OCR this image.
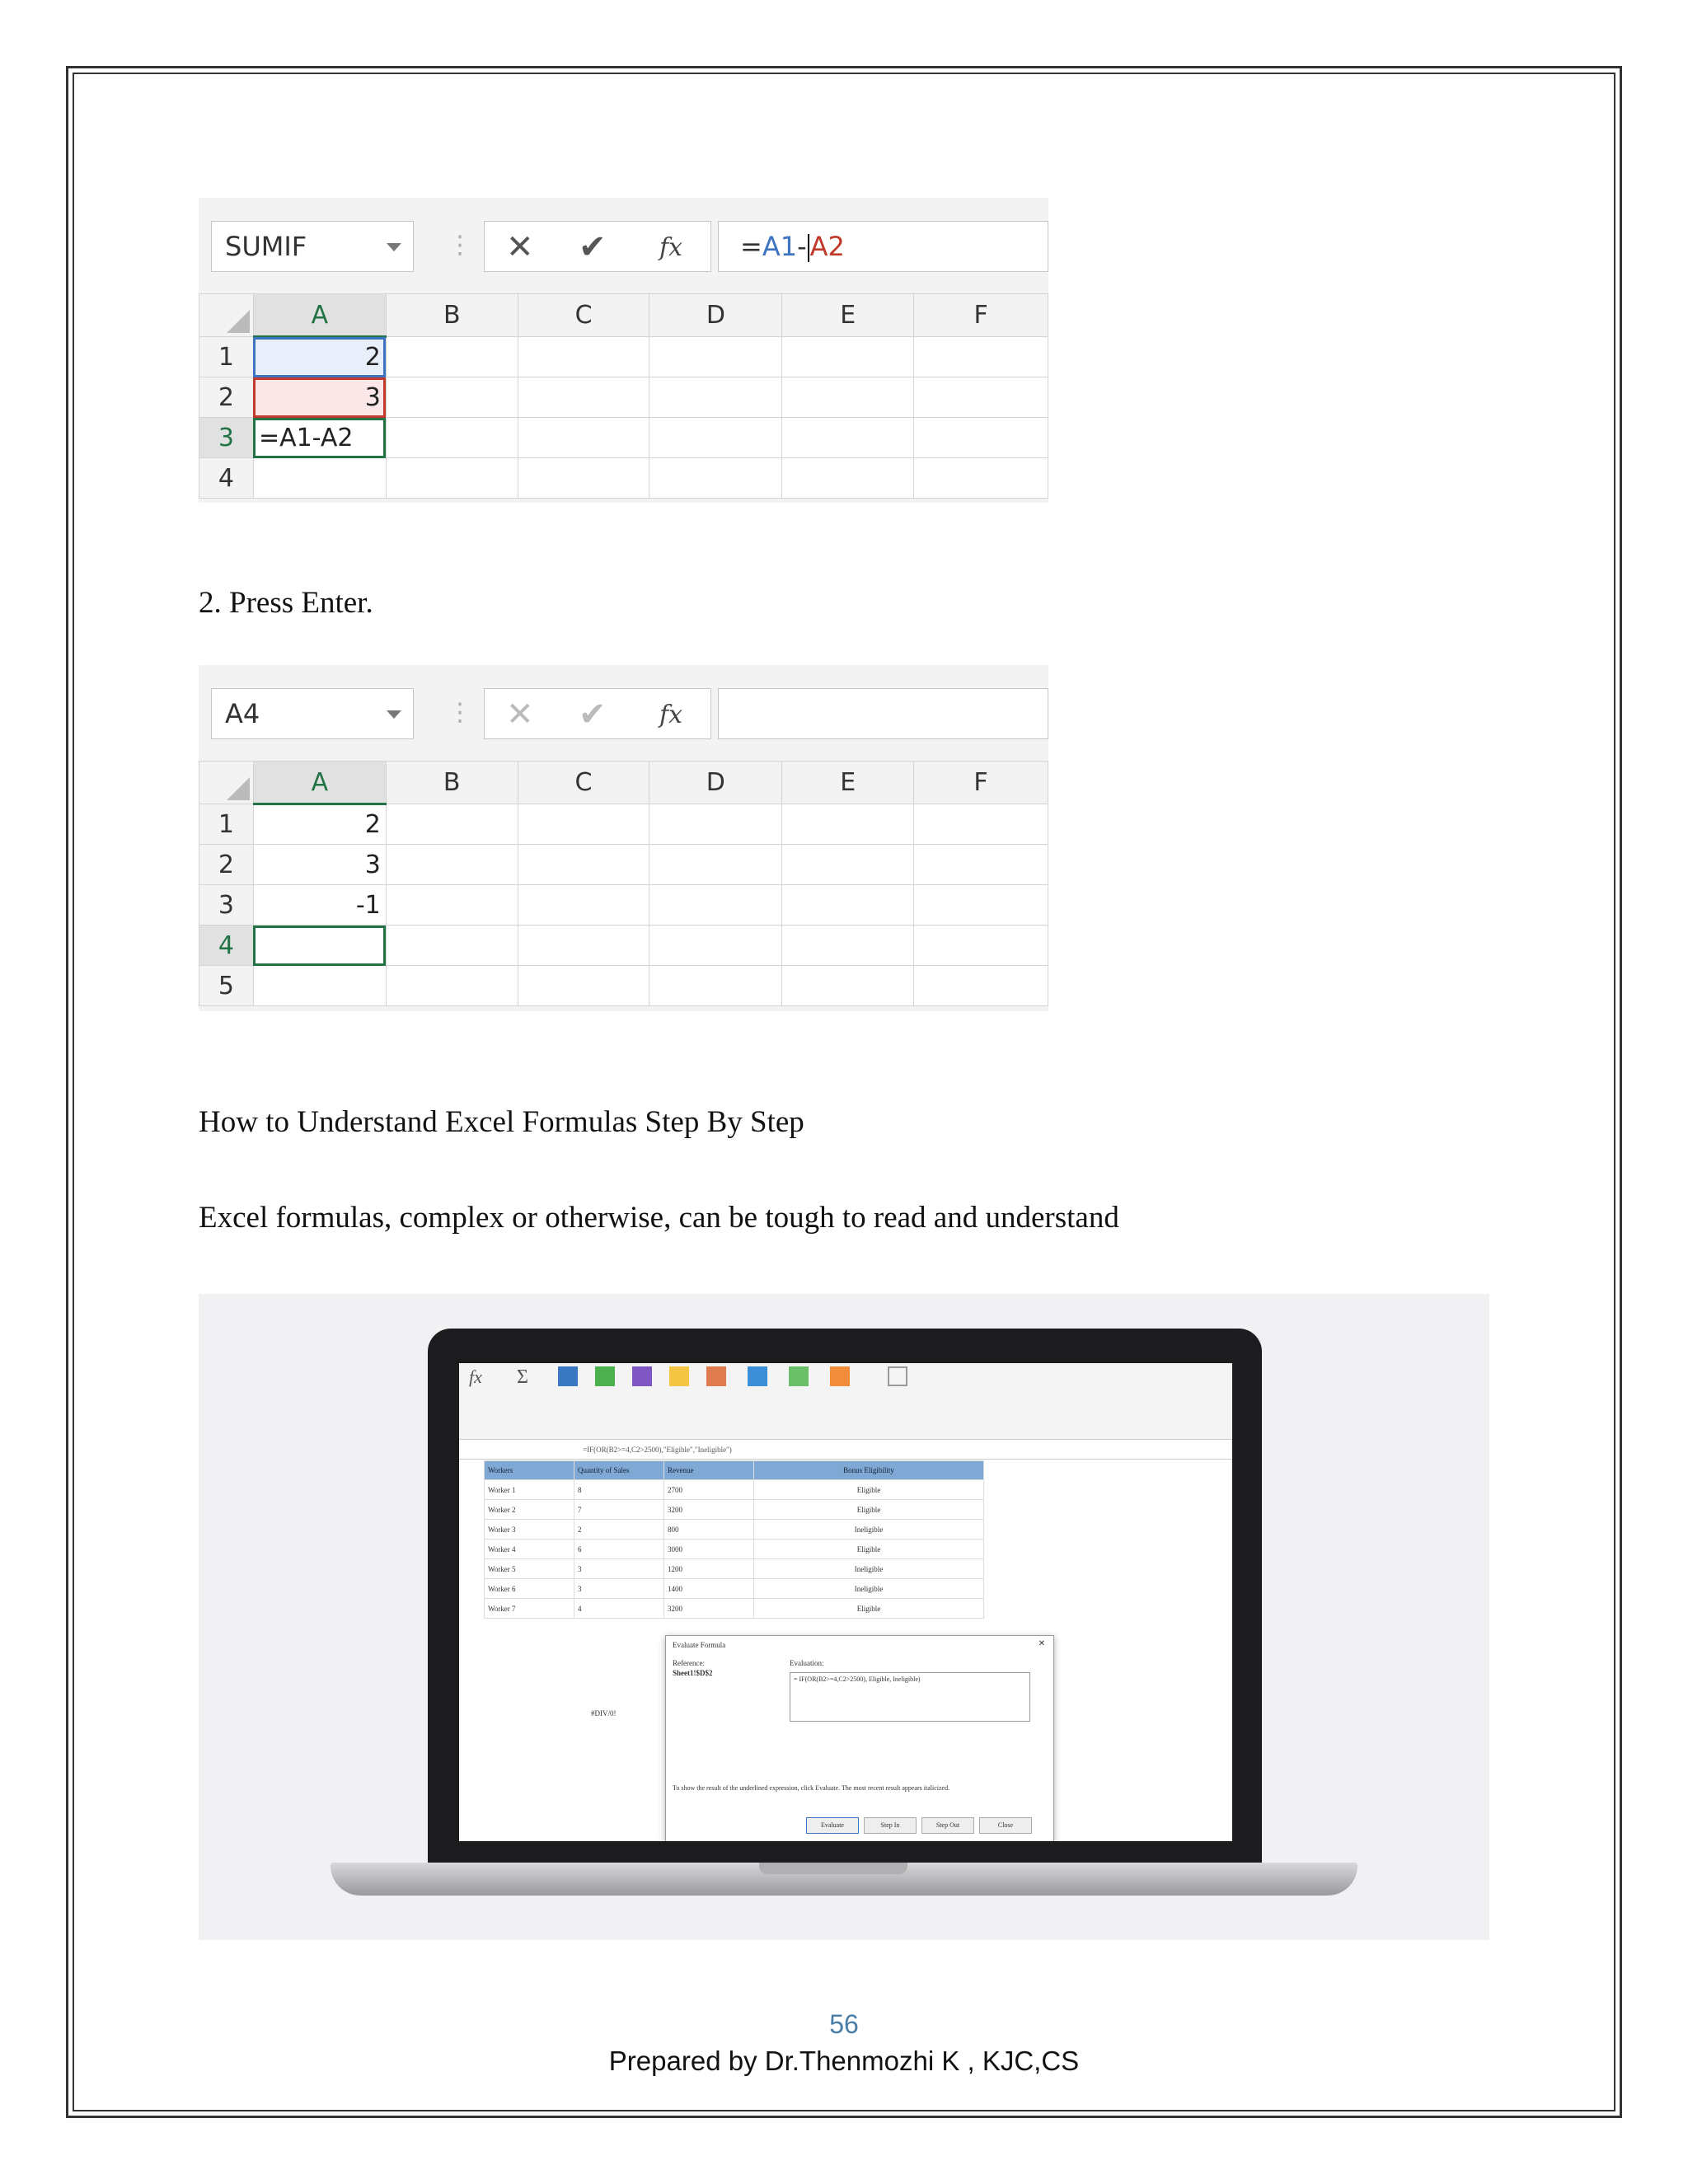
SUMIF	⋮ ✕ ✔ fx	=A1- A2
	A	B	C	D	E	F
1	2					
2	3					
3	=A1-A2					
4						

2. Press Enter.

A4	⋮ ✕ ✔ fx
	A	B	C	D	E	F
1	2					
2	3					
3	-1					
4						
5						

How to Understand Excel Formulas Step By Step

Excel formulas, complex or otherwise, can be tough to read and understand

fx	Σ
=IF(OR(B2>=4,C2>2500),"Eligible","Ineligible")
Workers	Quantity of Sales	Revenue	Bonus Eligibility
Worker 1	8	2700	Eligible
Worker 2	7	3200	Eligible
Worker 3	2	800	Ineligible
Worker 4	6	3000	Eligible
Worker 5	3	1200	Ineligible
Worker 6	3	1400	Ineligible
Worker 7	4	3200	Eligible
#DIV/0!
Evaluate Formula	✕
Reference:
Sheet1!$D$2
Evaluation:
= IF(OR(B2>=4,C2>2500), Eligible, Ineligible)
To show the result of the underlined expression, click Evaluate. The most recent result appears italicized.
Evaluate	Step In	Step Out	Close
56
Prepared by Dr.Thenmozhi K , KJC,CS
